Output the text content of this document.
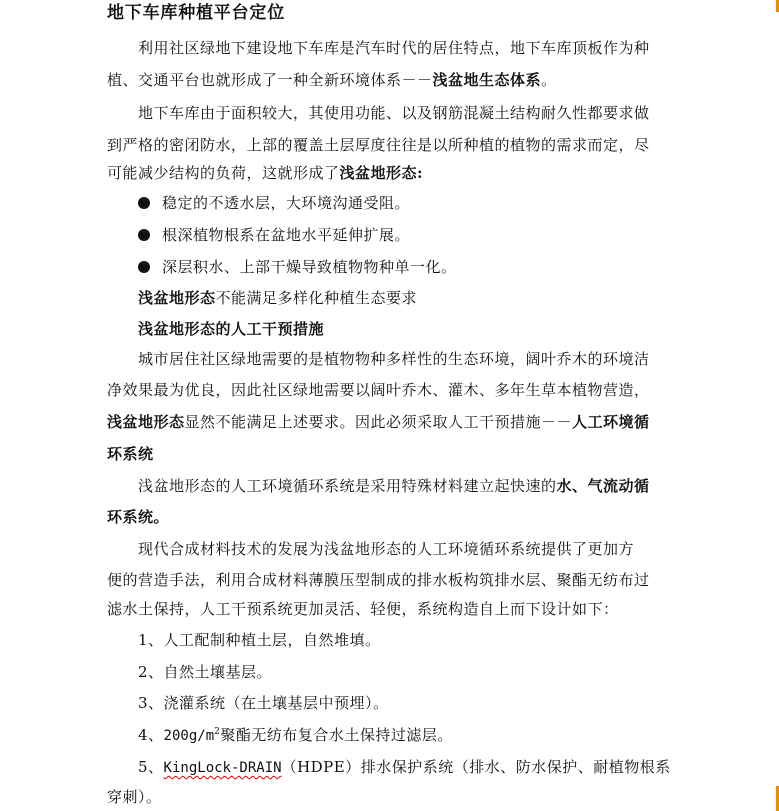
地下车库种植平台定位
利用社区绿地下建设地下车库是汽车时代的居住特点，地下车库顶板作为种
植、交通平台也就形成了一种全新环境体系－－浅盆地生态体系。
地下车库由于面积较大，其使用功能、以及钢筋混凝土结构耐久性都要求做
到严格的密闭防水，上部的覆盖土层厚度往往是以所种植的植物的需求而定，尽
可能减少结构的负荷，这就形成了浅盆地形态:
稳定的不透水层，大环境沟通受阻。
根深植物根系在盆地水平延伸扩展。
深层积水、上部干燥导致植物物种单一化。
浅盆地形态不能满足多样化种植生态要求
浅盆地形态的人工干预措施
城市居住社区绿地需要的是植物物种多样性的生态环境，阔叶乔木的环境洁
净效果最为优良，因此社区绿地需要以阔叶乔木、灌木、多年生草本植物营造，
浅盆地形态显然不能满足上述要求。因此必须采取人工干预措施－－人工环境循
环系统
浅盆地形态的人工环境循环系统是采用特殊材料建立起快速的水、气流动循
环系统。
现代合成材料技术的发展为浅盆地形态的人工环境循环系统提供了更加方
便的营造手法，利用合成材料薄膜压型制成的排水板构筑排水层、聚酯无纺布过
滤水土保持，人工干预系统更加灵活、轻便，系统构造自上而下设计如下：
1、人工配制种植土层，自然堆填。
2、自然土壤基层。
3、浇灌系统（在土壤基层中预埋）。
4、$200g/m^2$聚酯无纺布复合水土保持过滤层。
5、KingLock-DRAIN（HDPE）排水保护系统（排水、防水保护、耐植物根系
穿刺）。
